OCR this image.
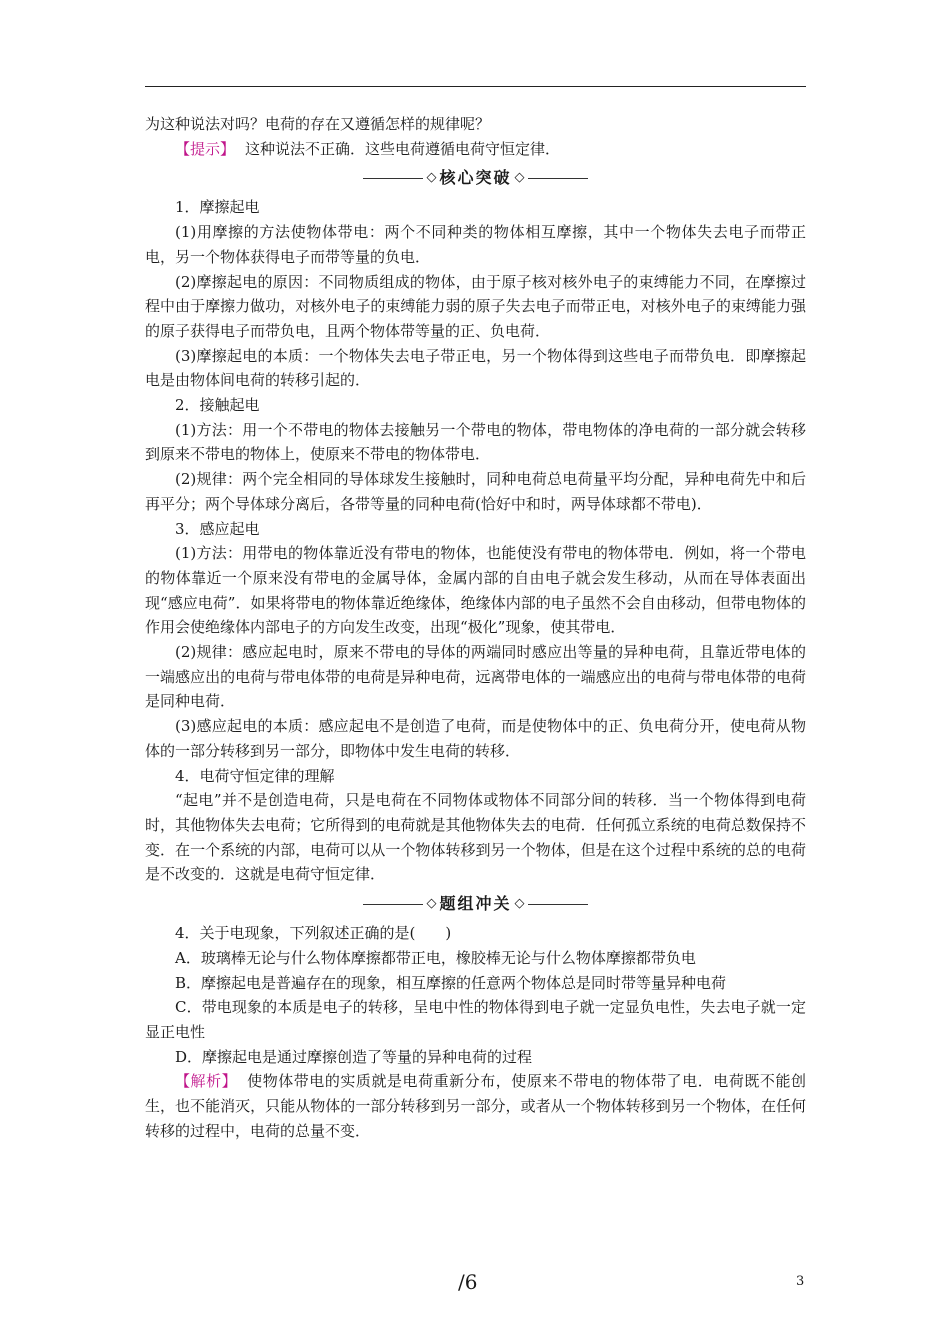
为这种说法对吗？电荷的存在又遵循怎样的规律呢？

【提示】 这种说法不正确．这些电荷遵循电荷守恒定律．

◇ 核心突破 ◇

1．摩擦起电

(1)用摩擦的方法使物体带电：两个不同种类的物体相互摩擦，其中一个物体失去电子而带正电，另一个物体获得电子而带等量的负电．

(2)摩擦起电的原因：不同物质组成的物体，由于原子核对核外电子的束缚能力不同，在摩擦过程中由于摩擦力做功，对核外电子的束缚能力弱的原子失去电子而带正电，对核外电子的束缚能力强的原子获得电子而带负电，且两个物体带等量的正、负电荷．

(3)摩擦起电的本质：一个物体失去电子带正电，另一个物体得到这些电子而带负电．即摩擦起电是由物体间电荷的转移引起的．

2．接触起电

(1)方法：用一个不带电的物体去接触另一个带电的物体，带电物体的净电荷的一部分就会转移到原来不带电的物体上，使原来不带电的物体带电．

(2)规律：两个完全相同的导体球发生接触时，同种电荷总电荷量平均分配，异种电荷先中和后再平分；两个导体球分离后，各带等量的同种电荷(恰好中和时，两导体球都不带电)．

3．感应起电

(1)方法：用带电的物体靠近没有带电的物体，也能使没有带电的物体带电．例如，将一个带电的物体靠近一个原来没有带电的金属导体，金属内部的自由电子就会发生移动，从而在导体表面出现“感应电荷”．如果将带电的物体靠近绝缘体，绝缘体内部的电子虽然不会自由移动，但带电物体的作用会使绝缘体内部电子的方向发生改变，出现“极化”现象，使其带电．

(2)规律：感应起电时，原来不带电的导体的两端同时感应出等量的异种电荷，且靠近带电体的一端感应出的电荷与带电体带的电荷是异种电荷，远离带电体的一端感应出的电荷与带电体带的电荷是同种电荷．

(3)感应起电的本质：感应起电不是创造了电荷，而是使物体中的正、负电荷分开，使电荷从物体的一部分转移到另一部分，即物体中发生电荷的转移．

4．电荷守恒定律的理解

“起电”并不是创造电荷，只是电荷在不同物体或物体不同部分间的转移．当一个物体得到电荷时，其他物体失去电荷；它所得到的电荷就是其他物体失去的电荷．任何孤立系统的电荷总数保持不变．在一个系统的内部，电荷可以从一个物体转移到另一个物体，但是在这个过程中系统的总的电荷是不改变的．这就是电荷守恒定律．

◇ 题组冲关 ◇

4．关于电现象，下列叙述正确的是(　　)

A．玻璃棒无论与什么物体摩擦都带正电，橡胶棒无论与什么物体摩擦都带负电

B．摩擦起电是普遍存在的现象，相互摩擦的任意两个物体总是同时带等量异种电荷

C．带电现象的本质是电子的转移，呈电中性的物体得到电子就一定显负电性，失去电子就一定显正电性

D．摩擦起电是通过摩擦创造了等量的异种电荷的过程

【解析】 使物体带电的实质就是电荷重新分布，使原来不带电的物体带了电．电荷既不能创生，也不能消灭，只能从物体的一部分转移到另一部分，或者从一个物体转移到另一个物体，在任何转移的过程中，电荷的总量不变．

/6	3
